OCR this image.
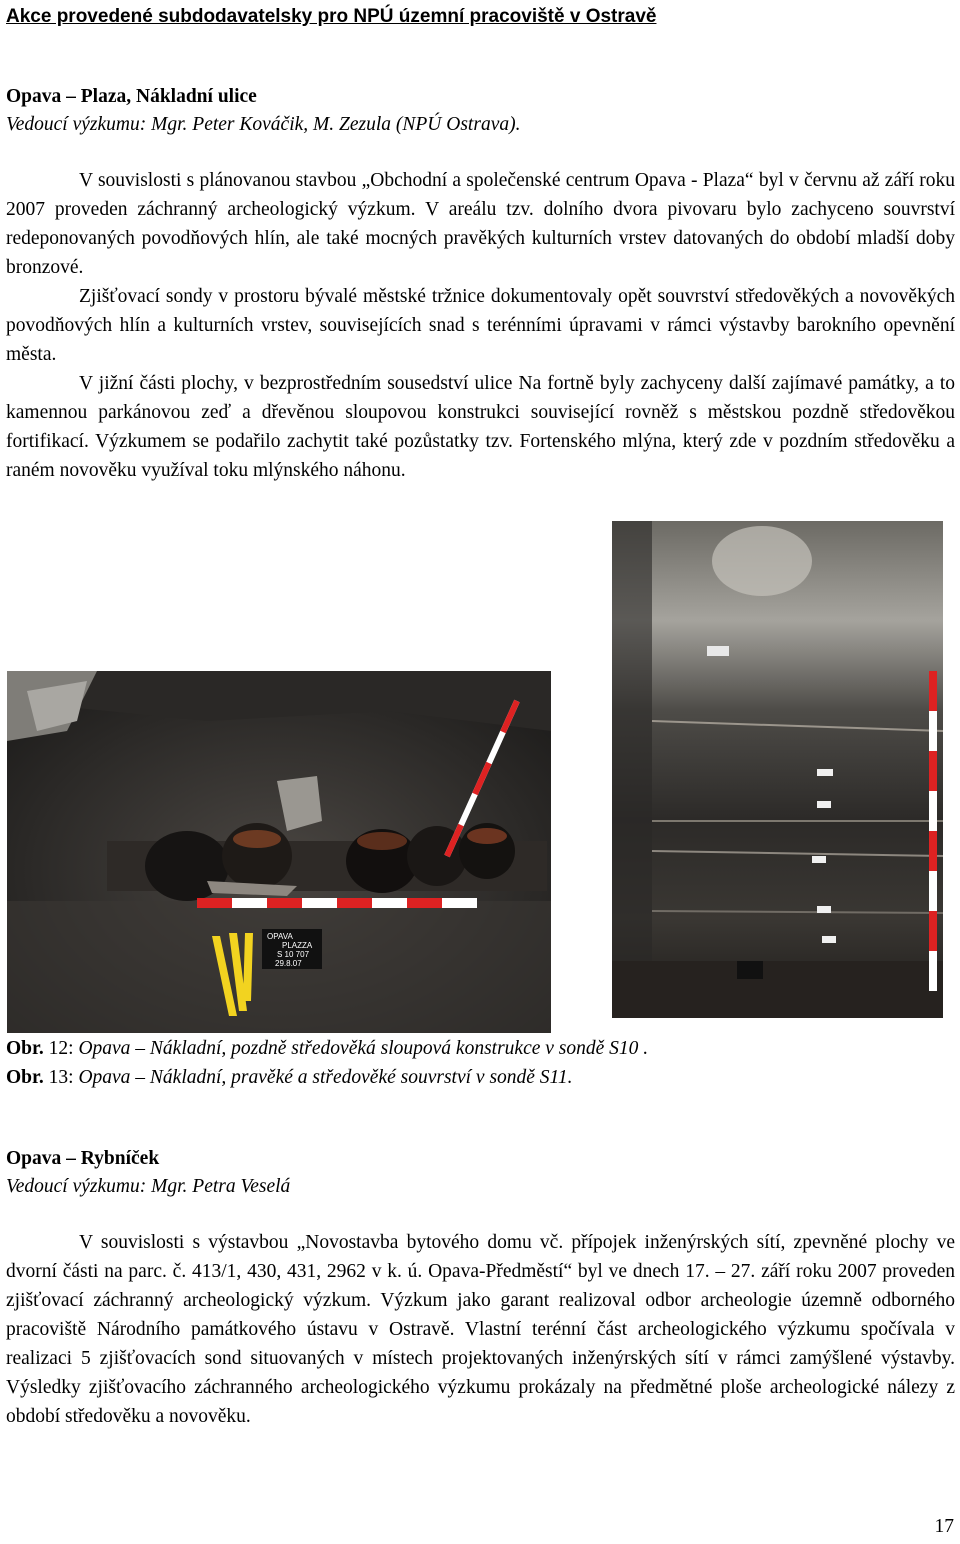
Akce provedené subdodavatelsky pro NPÚ územní pracoviště v Ostravě
Opava – Plaza, Nákladní ulice
Vedoucí výzkumu: Mgr. Peter Kováčik, M. Zezula (NPÚ Ostrava).
V souvislosti s plánovanou stavbou „Obchodní a společenské centrum Opava - Plaza“ byl v červnu až září roku 2007 proveden záchranný archeologický výzkum. V areálu tzv. dolního dvora pivovaru bylo zachyceno souvrství redeponovaných povodňových hlín, ale také mocných pravěkých kulturních vrstev datovaných do období mladší doby bronzové.
Zjišťovací sondy v prostoru bývalé městské tržnice dokumentovaly opět souvrství středověkých a novověkých povodňových hlín a kulturních vrstev, souvisejících snad s terénními úpravami v rámci výstavby barokního opevnění města.
V jižní části plochy, v bezprostředním sousedství ulice Na fortně byly zachyceny další zajímavé památky, a to kamennou parkánovou zeď a dřevěnou sloupovou konstrukci související rovněž s městskou pozdně středověkou fortifikací. Výzkumem se podařilo zachytit také pozůstatky tzv. Fortenského mlýna, který zde v pozdním středověku a raném novověku využíval toku mlýnského náhonu.
OPAVA
PLAZZA
S 10 707
29.8.07
Obr. 12: Opava – Nákladní, pozdně středověká sloupová konstrukce v sondě S10 .
Obr. 13: Opava – Nákladní, pravěké a středověké souvrství v sondě S11.
Opava – Rybníček
Vedoucí výzkumu: Mgr. Petra Veselá
V souvislosti s výstavbou „Novostavba bytového domu vč. přípojek inženýrských sítí, zpevněné plochy ve dvorní části na parc. č. 413/1, 430, 431, 2962 v k. ú. Opava-Předměstí“ byl ve dnech 17. – 27. září roku 2007 proveden zjišťovací záchranný archeologický výzkum. Výzkum jako garant realizoval odbor archeologie územně odborného pracoviště Národního památkového ústavu v Ostravě. Vlastní terénní část archeologického výzkumu spočívala v realizaci 5 zjišťovacích sond situovaných v místech projektovaných inženýrských sítí v rámci zamýšlené výstavby. Výsledky zjišťovacího záchranného archeologického výzkumu prokázaly na předmětné ploše archeologické nálezy z období středověku a novověku.
17
